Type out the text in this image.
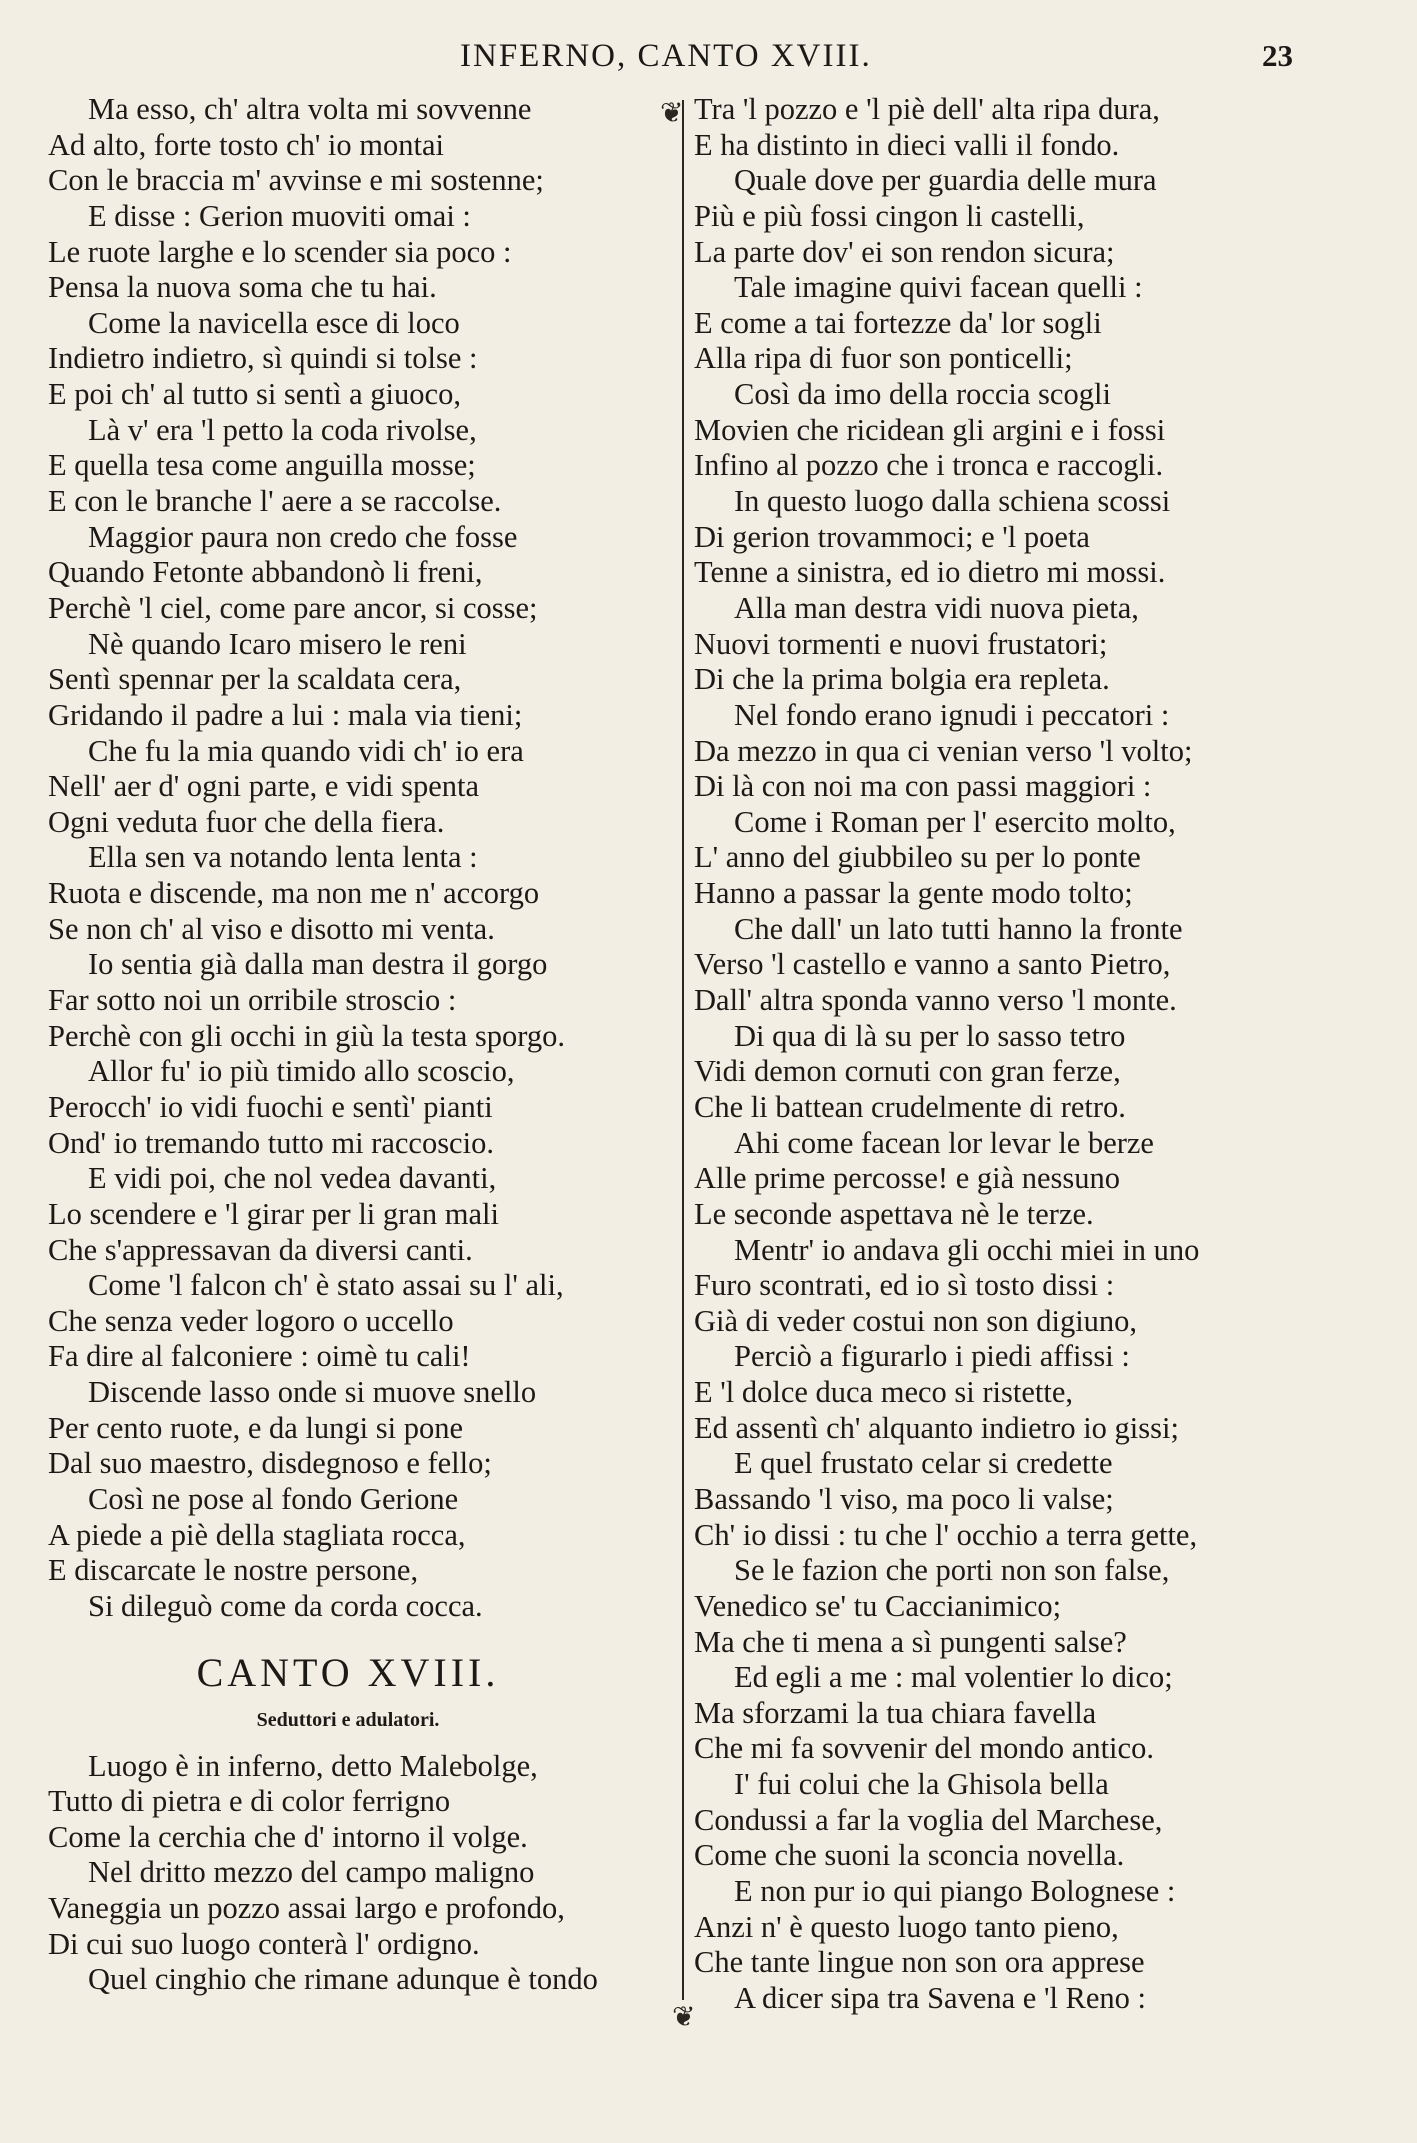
INFERNO, CANTO XVIII.	23
Ma esso, ch' altra volta mi sovvenne
Ad alto, forte tosto ch' io montai
Con le braccia m' avvinse e mi sostenne;
E disse : Gerion muoviti omai :
Le ruote larghe e lo scender sia poco :
Pensa la nuova soma che tu hai.
Come la navicella esce di loco
Indietro indietro, sì quindi si tolse :
E poi ch' al tutto si sentì a giuoco,
Là v' era 'l petto la coda rivolse,
E quella tesa come anguilla mosse;
E con le branche l' aere a se raccolse.
Maggior paura non credo che fosse
Quando Fetonte abbandonò li freni,
Perchè 'l ciel, come pare ancor, si cosse;
Nè quando Icaro misero le reni
Sentì spennar per la scaldata cera,
Gridando il padre a lui : mala via tieni;
Che fu la mia quando vidi ch' io era
Nell' aer d' ogni parte, e vidi spenta
Ogni veduta fuor che della fiera.
Ella sen va notando lenta lenta :
Ruota e discende, ma non me n' accorgo
Se non ch' al viso e disotto mi venta.
Io sentia già dalla man destra il gorgo
Far sotto noi un orribile stroscio :
Perchè con gli occhi in giù la testa sporgo.
Allor fu' io più timido allo scoscio,
Perocch' io vidi fuochi e sentì' pianti
Ond' io tremando tutto mi raccoscio.
E vidi poi, che nol vedea davanti,
Lo scendere e 'l girar per li gran mali
Che s'appressavan da diversi canti.
Come 'l falcon ch' è stato assai su l' ali,
Che senza veder logoro o uccello
Fa dire al falconiere : oimè tu cali!
Discende lasso onde si muove snello
Per cento ruote, e da lungi si pone
Dal suo maestro, disdegnoso e fello;
Così ne pose al fondo Gerione
A piede a piè della stagliata rocca,
E discarcate le nostre persone,
Si dileguò come da corda cocca.
CANTO XVIII.
Seduttori e adulatori.
Luogo è in inferno, detto Malebolge,
Tutto di pietra e di color ferrigno
Come la cerchia che d' intorno il volge.
Nel dritto mezzo del campo maligno
Vaneggia un pozzo assai largo e profondo,
Di cui suo luogo conterà l' ordigno.
Quel cinghio che rimane adunque è tondo
❦
❦
Tra 'l pozzo e 'l piè dell' alta ripa dura,
E ha distinto in dieci valli il fondo.
Quale dove per guardia delle mura
Più e più fossi cingon li castelli,
La parte dov' ei son rendon sicura;
Tale imagine quivi facean quelli :
E come a tai fortezze da' lor sogli
Alla ripa di fuor son ponticelli;
Così da imo della roccia scogli
Movien che ricidean gli argini e i fossi
Infino al pozzo che i tronca e raccogli.
In questo luogo dalla schiena scossi
Di gerion trovammoci; e 'l poeta
Tenne a sinistra, ed io dietro mi mossi.
Alla man destra vidi nuova pieta,
Nuovi tormenti e nuovi frustatori;
Di che la prima bolgia era repleta.
Nel fondo erano ignudi i peccatori :
Da mezzo in qua ci venian verso 'l volto;
Di là con noi ma con passi maggiori :
Come i Roman per l' esercito molto,
L' anno del giubbileo su per lo ponte
Hanno a passar la gente modo tolto;
Che dall' un lato tutti hanno la fronte
Verso 'l castello e vanno a santo Pietro,
Dall' altra sponda vanno verso 'l monte.
Di qua di là su per lo sasso tetro
Vidi demon cornuti con gran ferze,
Che li battean crudelmente di retro.
Ahi come facean lor levar le berze
Alle prime percosse! e già nessuno
Le seconde aspettava nè le terze.
Mentr' io andava gli occhi miei in uno
Furo scontrati, ed io sì tosto dissi :
Già di veder costui non son digiuno,
Perciò a figurarlo i piedi affissi :
E 'l dolce duca meco si ristette,
Ed assentì ch' alquanto indietro io gissi;
E quel frustato celar si credette
Bassando 'l viso, ma poco li valse;
Ch' io dissi : tu che l' occhio a terra gette,
Se le fazion che porti non son false,
Venedico se' tu Caccianimico;
Ma che ti mena a sì pungenti salse?
Ed egli a me : mal volentier lo dico;
Ma sforzami la tua chiara favella
Che mi fa sovvenir del mondo antico.
I' fui colui che la Ghisola bella
Condussi a far la voglia del Marchese,
Come che suoni la sconcia novella.
E non pur io qui piango Bolognese :
Anzi n' è questo luogo tanto pieno,
Che tante lingue non son ora apprese
A dicer sipa tra Savena e 'l Reno :
